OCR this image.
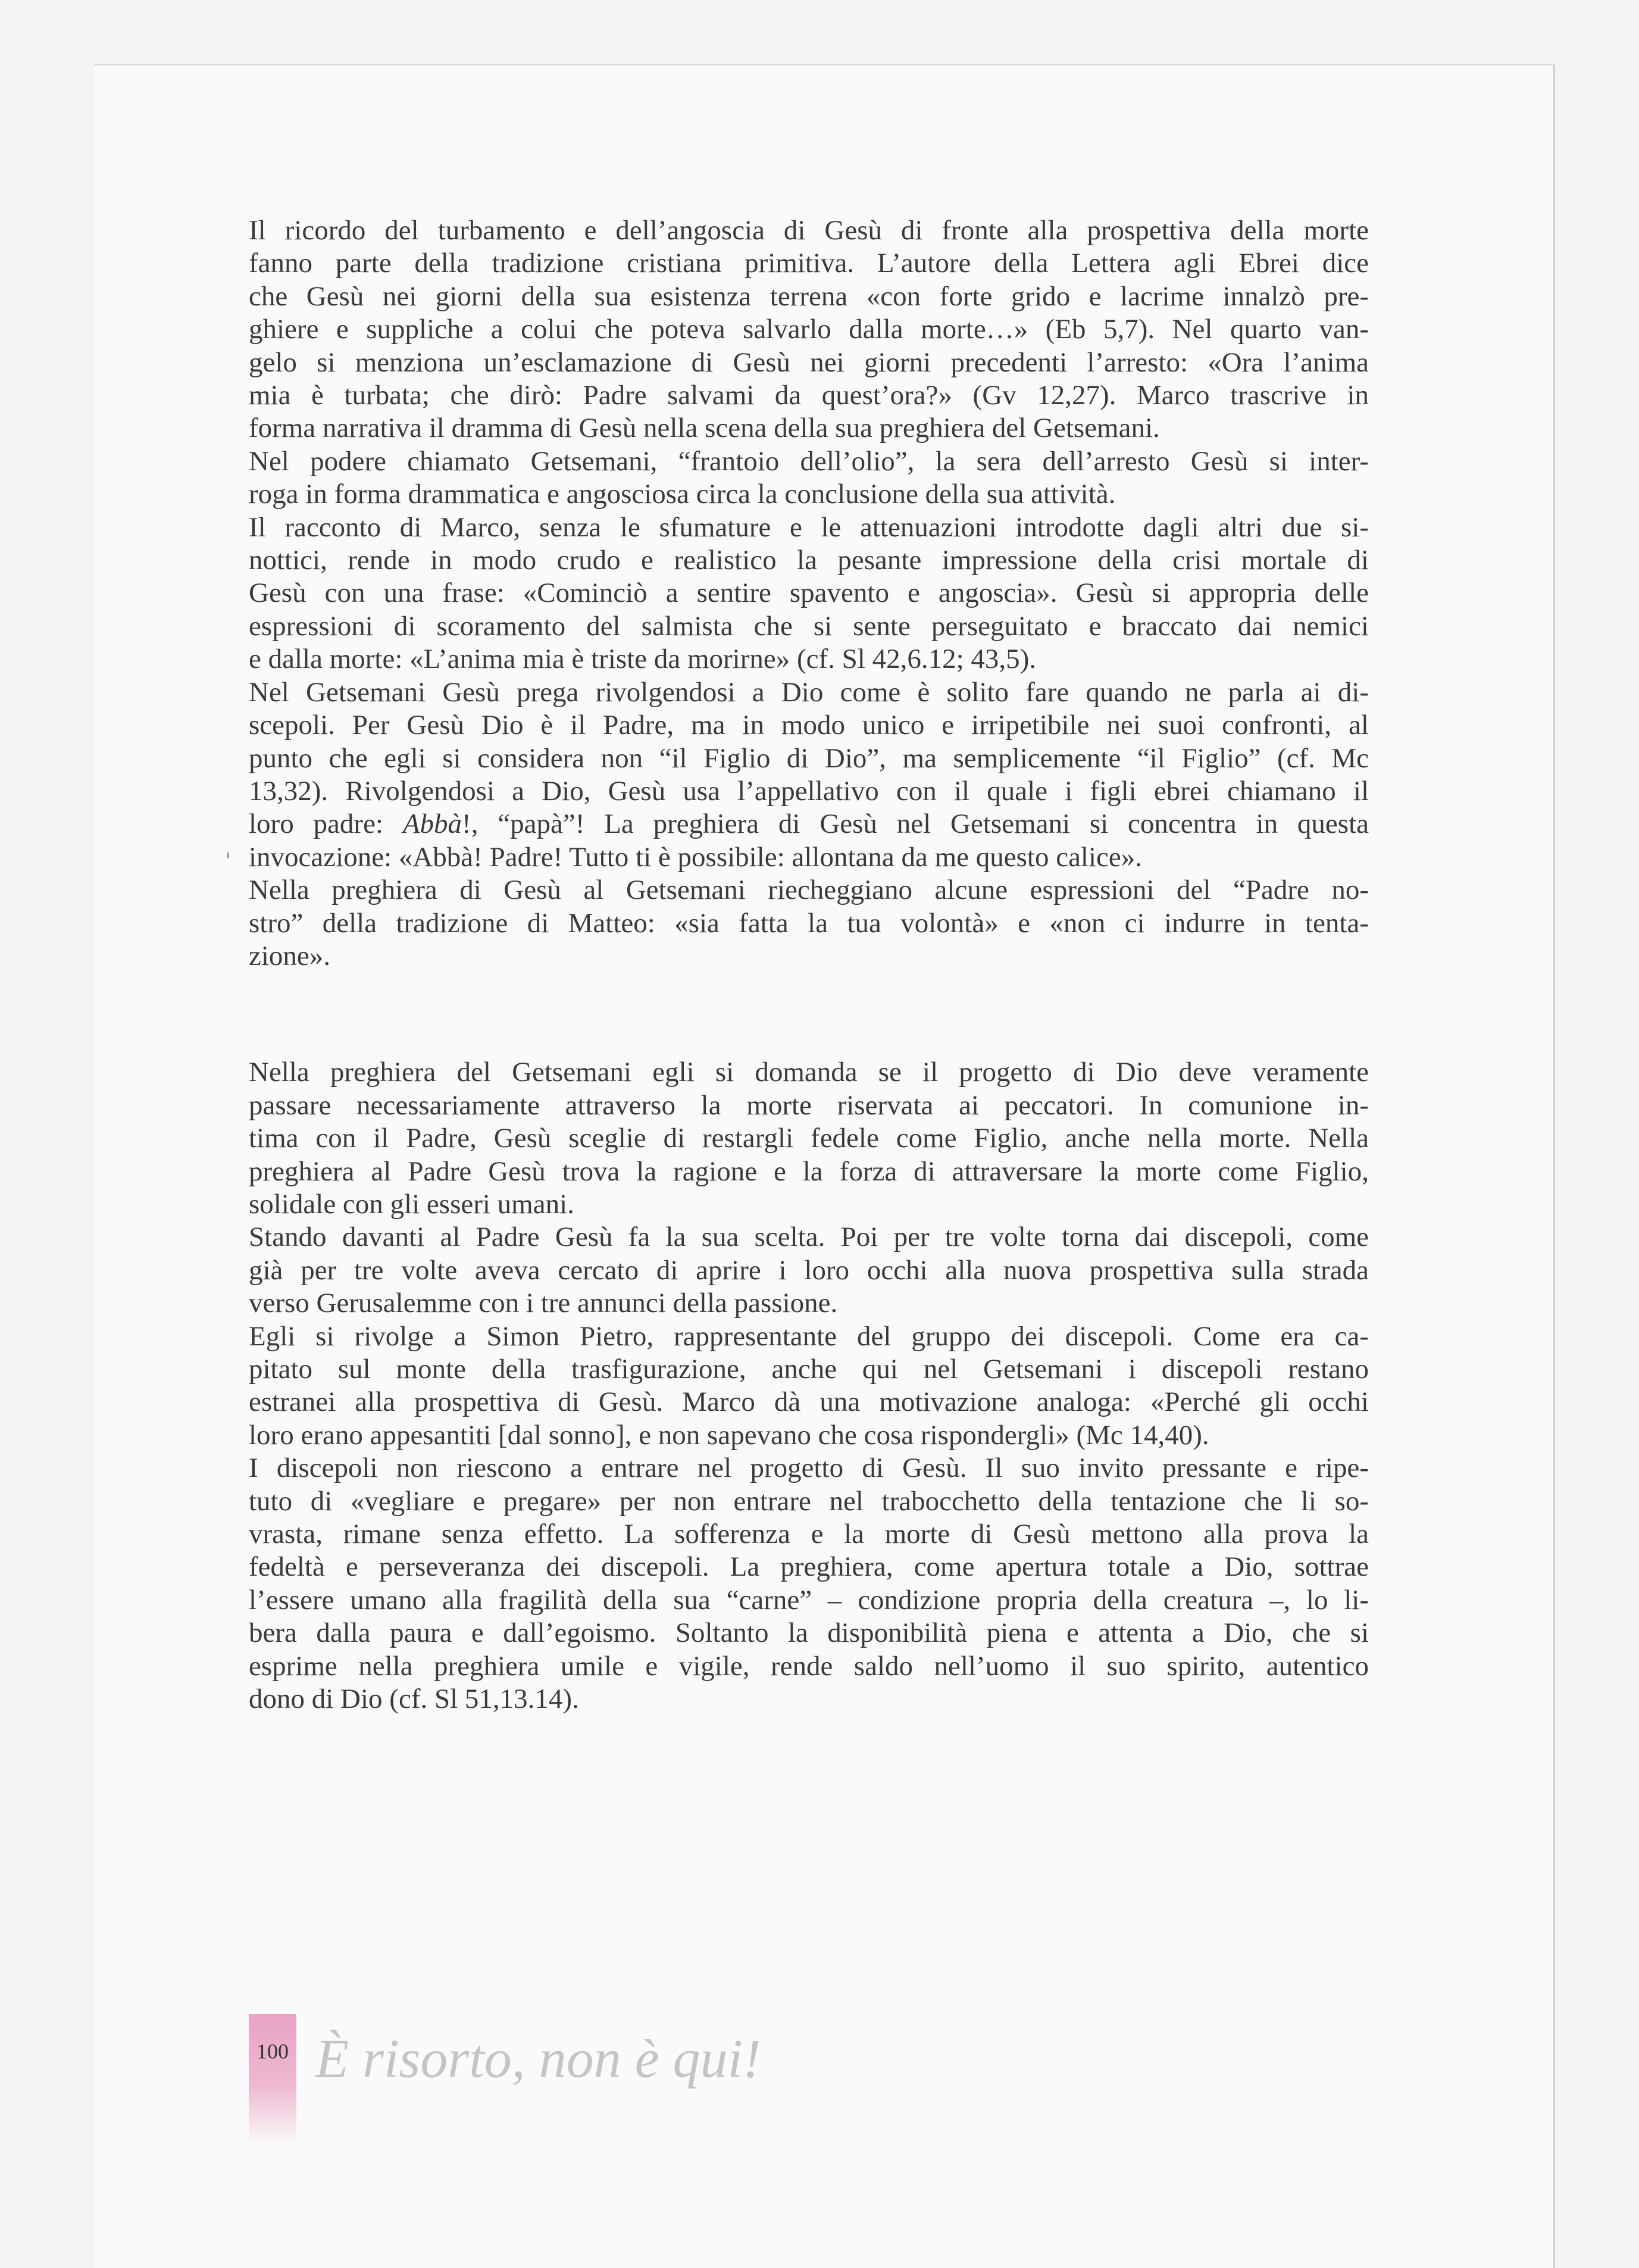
Il ricordo del turbamento e dell’angoscia di Gesù di fronte alla prospettiva della morte
fanno parte della tradizione cristiana primitiva. L’autore della Lettera agli Ebrei dice
che Gesù nei giorni della sua esistenza terrena «con forte grido e lacrime innalzò pre-
ghiere e suppliche a colui che poteva salvarlo dalla morte…» (Eb 5,7). Nel quarto van-
gelo si menziona un’esclamazione di Gesù nei giorni precedenti l’arresto: «Ora l’anima
mia è turbata; che dirò: Padre salvami da quest’ora?» (Gv 12,27). Marco trascrive in
forma narrativa il dramma di Gesù nella scena della sua preghiera del Getsemani.
Nel podere chiamato Getsemani, “frantoio dell’olio”, la sera dell’arresto Gesù si inter-
roga in forma drammatica e angosciosa circa la conclusione della sua attività.
Il racconto di Marco, senza le sfumature e le attenuazioni introdotte dagli altri due si-
nottici, rende in modo crudo e realistico la pesante impressione della crisi mortale di
Gesù con una frase: «Cominciò a sentire spavento e angoscia». Gesù si appropria delle
espressioni di scoramento del salmista che si sente perseguitato e braccato dai nemici
e dalla morte: «L’anima mia è triste da morirne» (cf. Sl 42,6.12; 43,5).
Nel Getsemani Gesù prega rivolgendosi a Dio come è solito fare quando ne parla ai di-
scepoli. Per Gesù Dio è il Padre, ma in modo unico e irripetibile nei suoi confronti, al
punto che egli si considera non “il Figlio di Dio”, ma semplicemente “il Figlio” (cf. Mc
13,32). Rivolgendosi a Dio, Gesù usa l’appellativo con il quale i figli ebrei chiamano il
loro padre: Abbà!, “papà”! La preghiera di Gesù nel Getsemani si concentra in questa
invocazione: «Abbà! Padre! Tutto ti è possibile: allontana da me questo calice».
Nella preghiera di Gesù al Getsemani riecheggiano alcune espressioni del “Padre no-
stro” della tradizione di Matteo: «sia fatta la tua volontà» e «non ci indurre in tenta-
zione».
Nella preghiera del Getsemani egli si domanda se il progetto di Dio deve veramente
passare necessariamente attraverso la morte riservata ai peccatori. In comunione in-
tima con il Padre, Gesù sceglie di restargli fedele come Figlio, anche nella morte. Nella
preghiera al Padre Gesù trova la ragione e la forza di attraversare la morte come Figlio,
solidale con gli esseri umani.
Stando davanti al Padre Gesù fa la sua scelta. Poi per tre volte torna dai discepoli, come
già per tre volte aveva cercato di aprire i loro occhi alla nuova prospettiva sulla strada
verso Gerusalemme con i tre annunci della passione.
Egli si rivolge a Simon Pietro, rappresentante del gruppo dei discepoli. Come era ca-
pitato sul monte della trasfigurazione, anche qui nel Getsemani i discepoli restano
estranei alla prospettiva di Gesù. Marco dà una motivazione analoga: «Perché gli occhi
loro erano appesantiti [dal sonno], e non sapevano che cosa rispondergli» (Mc 14,40).
I discepoli non riescono a entrare nel progetto di Gesù. Il suo invito pressante e ripe-
tuto di «vegliare e pregare» per non entrare nel trabocchetto della tentazione che li so-
vrasta, rimane senza effetto. La sofferenza e la morte di Gesù mettono alla prova la
fedeltà e perseveranza dei discepoli. La preghiera, come apertura totale a Dio, sottrae
l’essere umano alla fragilità della sua “carne” – condizione propria della creatura –, lo li-
bera dalla paura e dall’egoismo. Soltanto la disponibilità piena e attenta a Dio, che si
esprime nella preghiera umile e vigile, rende saldo nell’uomo il suo spirito, autentico
dono di Dio (cf. Sl 51,13.14).
100 È risorto, non è qui!
